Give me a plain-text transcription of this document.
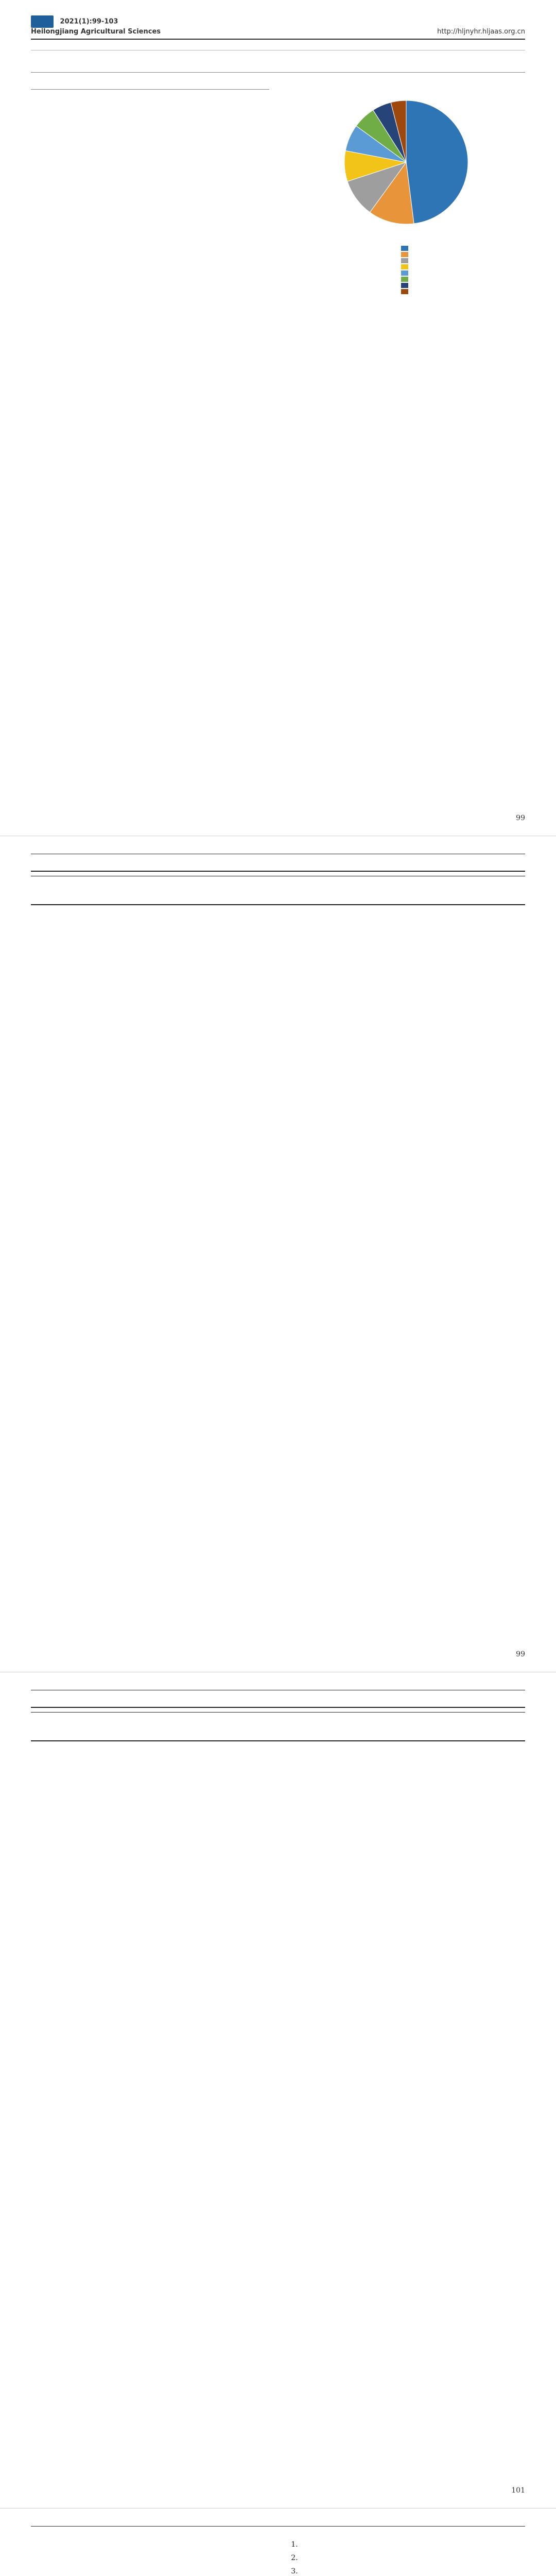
2021(1):99-103
Heilongjiang Agricultural Sciences	http://hljnyhr.hljaas.org.cn

99

99

101

1.
2.
3.
